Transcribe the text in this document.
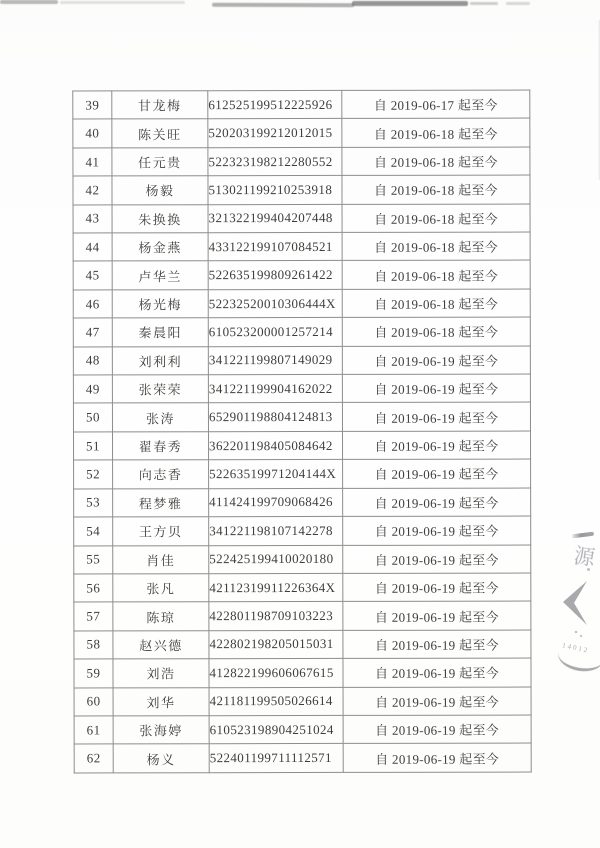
39	甘龙梅	612525199512225926	自 2019-06-17 起至今
40	陈关旺	520203199212012015	自 2019-06-18 起至今
41	任元贵	522323198212280552	自 2019-06-18 起至今
42	杨毅	513021199210253918	自 2019-06-18 起至今
43	朱换换	321322199404207448	自 2019-06-18 起至今
44	杨金燕	433122199107084521	自 2019-06-18 起至今
45	卢华兰	522635199809261422	自 2019-06-18 起至今
46	杨光梅	52232520010306444X	自 2019-06-18 起至今
47	秦晨阳	610523200001257214	自 2019-06-18 起至今
48	刘利利	341221199807149029	自 2019-06-19 起至今
49	张荣荣	341221199904162022	自 2019-06-19 起至今
50	张涛	652901198804124813	自 2019-06-19 起至今
51	翟春秀	362201198405084642	自 2019-06-19 起至今
52	向志香	52263519971204144X	自 2019-06-19 起至今
53	程梦雅	411424199709068426	自 2019-06-19 起至今
54	王方贝	341221198107142278	自 2019-06-19 起至今
55	肖佳	522425199410020180	自 2019-06-19 起至今
56	张凡	42112319911226364X	自 2019-06-19 起至今
57	陈琼	422801198709103223	自 2019-06-19 起至今
58	赵兴德	422802198205015031	自 2019-06-19 起至今
59	刘浩	412822199606067615	自 2019-06-19 起至今
60	刘华	421181199505026614	自 2019-06-19 起至今
61	张海婷	610523198904251024	自 2019-06-19 起至今
62	杨义	522401199711112571	自 2019-06-19 起至今
源
14012
